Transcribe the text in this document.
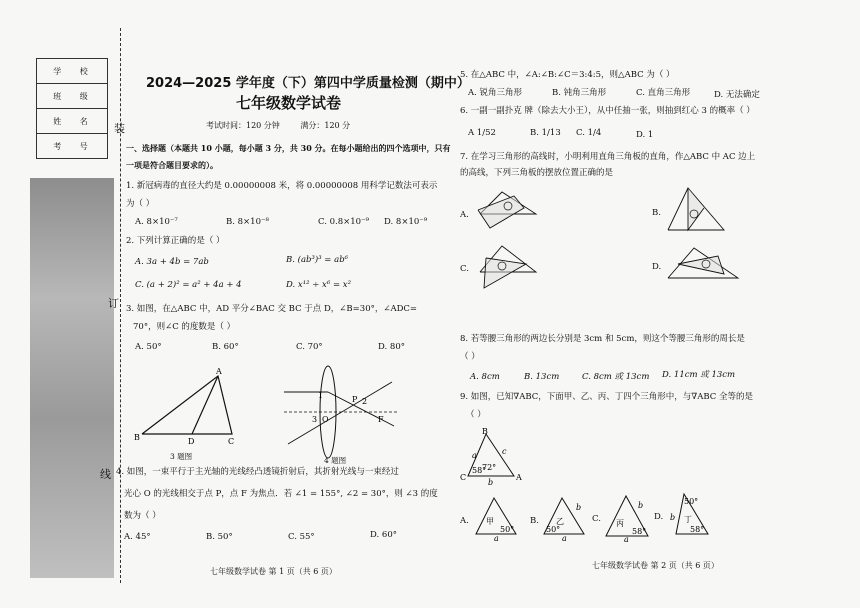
学 校
班 级
姓 名
考 号
装
订
线
2024—2025 学年度（下）第四中学质量检测（期中）
七年级数学试卷
考试时间：120 分钟	满分：120 分
一、选择题（本题共 10 小题，每小题 3 分，共 30 分。在每小题给出的四个选项中，只有
一项是符合题目要求的）。
1. 新冠病毒的直径大约是 0.00000008 米，将 0.00000008 用科学记数法可表示
为（ ）
A. 8×10⁻⁷	B. 8×10⁻⁸	C. 0.8×10⁻⁹ D. 8×10⁻⁹
2. 下列计算正确的是（ ）
A. 3a + 4b = 7ab	B. (ab³)³ = ab⁶
C. (a + 2)² = a² + 4a + 4	D. x¹² ÷ x⁶ = x²
3. 如图，在△ABC 中，AD 平分∠BAC 交 BC 于点 D，∠B=30°，∠ADC=
70°，则∠C 的度数是（ ）
A. 50°	B. 60°	C. 70°	D. 80°
A
B	D	C
3 题图
1
3 O
P 2
F
4 题图
4. 如图，一束平行于主光轴的光线经凸透镜折射后，其折射光线与一束经过
光心 O 的光线相交于点 P，点 F 为焦点．若 ∠1 = 155°, ∠2 = 30°，则 ∠3 的度
数为（ ）
A. 45°	B. 50°	C. 55°	D. 60°
七年级数学试卷 第 1 页（共 6 页）
5. 在△ABC 中，∠A:∠B:∠C＝3:4:5，则△ABC 为（ ）
A. 锐角三角形	B. 钝角三角形	C. 直角三角形	D. 无法确定
6. 一副一副扑克 牌（除去大小王），从中任抽一张，则抽到红心 3 的概率（ ）
A 1/52	B. 1/13 C. 1/4	D. 1
7. 在学习三角形的高线时，小明利用直角三角板的直角，作△ABC 中 AC 边上
的高线，下列三角板的摆放位置正确的是
A.	B.
C.	D.
8. 若等腰三角形的两边长分别是 3cm 和 5cm，则这个等腰三角形的周长是
（ ）
A. 8cm	B. 13cm	C. 8cm 或 13cm D. 11cm 或 13cm
9. 如图，已知∇ABC，下面甲、乙、丙、丁四个三角形中，与∇ABC 全等的是
（ ）
B
C	A
a	c
b
58°
72°
A. 甲
50°
a
B. 乙
50°
b
a
C. 丙
58°
b
a
D.	丁
50°
58°
b
七年级数学试卷 第 2 页（共 6 页）
